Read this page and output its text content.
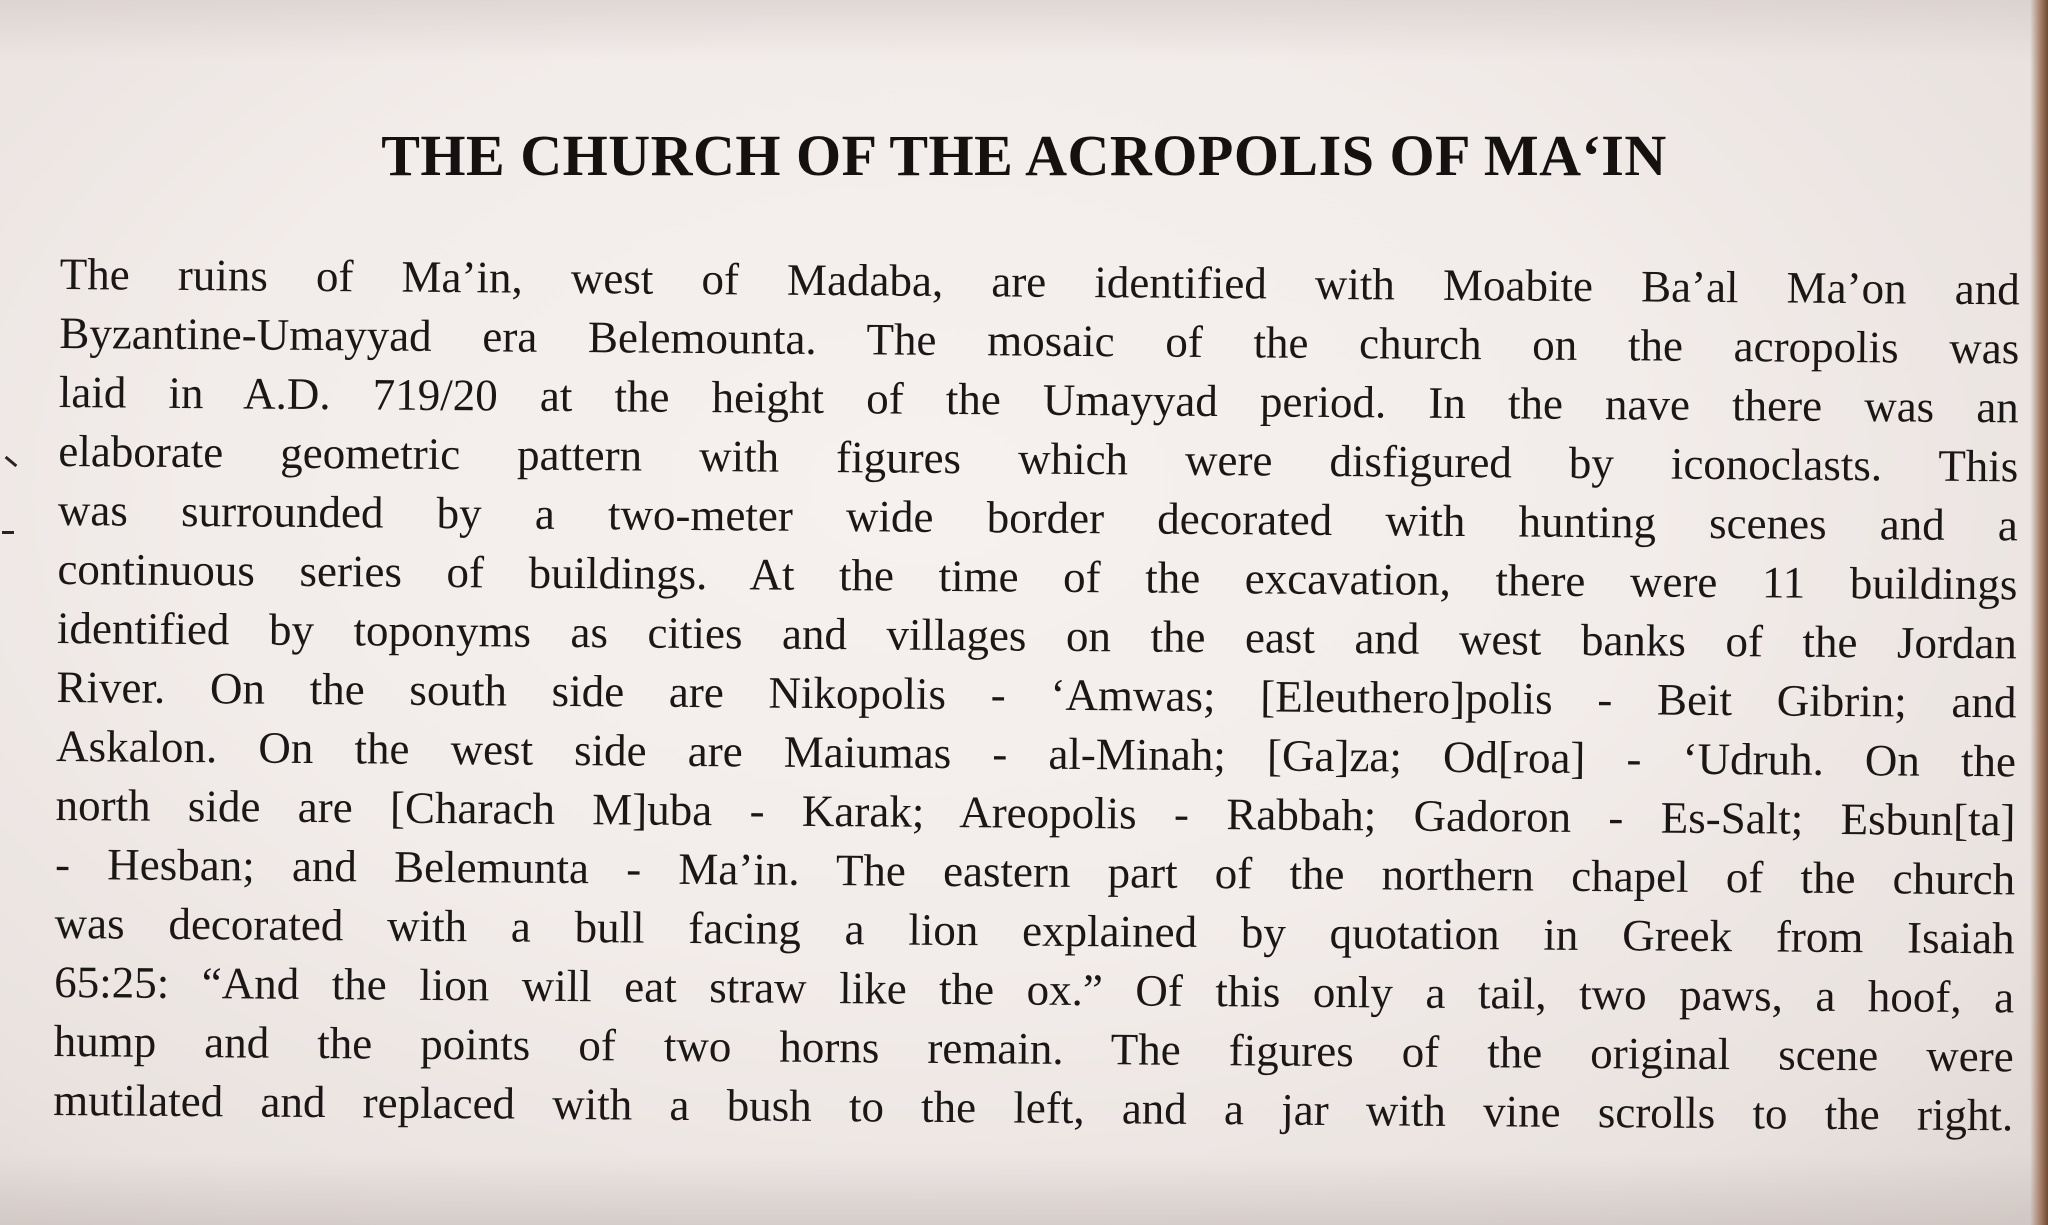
THE CHURCH OF THE ACROPOLIS OF MA‘IN
The ruins of Ma’in, west of Madaba, are identified with Moabite Ba’al Ma’on and
Byzantine-Umayyad era Belemounta. The mosaic of the church on the acropolis was
laid in A.D. 719/20 at the height of the Umayyad period. In the nave there was an
elaborate geometric pattern with figures which were disfigured by iconoclasts. This
was surrounded by a two-meter wide border decorated with hunting scenes and a
continuous series of buildings. At the time of the excavation, there were 11 buildings
identified by toponyms as cities and villages on the east and west banks of the Jordan
River. On the south side are Nikopolis - ‘Amwas; [Eleuthero]polis - Beit Gibrin; and
Askalon. On the west side are Maiumas - al-Minah; [Ga]za; Od[roa] - ‘Udruh. On the
north side are [Charach M]uba - Karak; Areopolis - Rabbah; Gadoron - Es-Salt; Esbun[ta]
- Hesban; and Belemunta - Ma’in. The eastern part of the northern chapel of the church
was decorated with a bull facing a lion explained by quotation in Greek from Isaiah
65:25: “And the lion will eat straw like the ox.” Of this only a tail, two paws, a hoof, a
hump and the points of two horns remain. The figures of the original scene were
mutilated and replaced with a bush to the left, and a jar with vine scrolls to the right.
